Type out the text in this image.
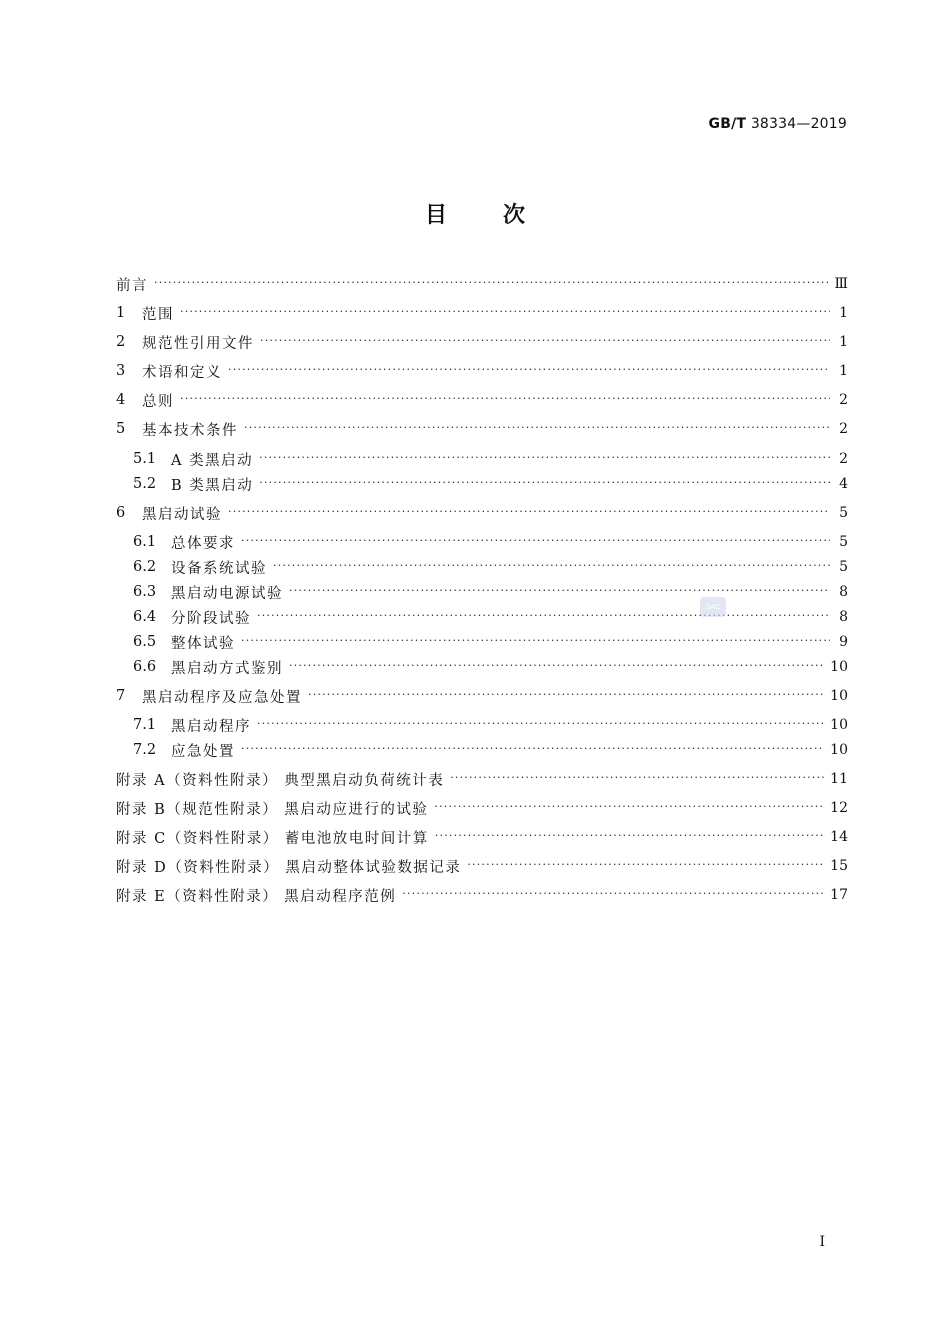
GB/T 38334—2019
目	次
前言 ·····	Ⅲ
1	范围 ·····	1
2	规范性引用文件 ·····	1
3	术语和定义 ·····	1
4	总则 ·····	2
5	基本技术条件 ·····	2
5.1	A 类黑启动 ·····	2
5.2	B 类黑启动 ·····	4
6	黑启动试验 ·····	5
6.1	总体要求 ·····	5
6.2	设备系统试验 ·····	5
6.3	黑启动电源试验 ·····	8
6.4	分阶段试验 ·····	8
6.5	整体试验 ·····	9
6.6	黑启动方式鉴别 ·····	10
7	黑启动程序及应急处置 ·····	10
7.1	黑启动程序 ·····	10
7.2	应急处置 ·····	10
附录 A（资料性附录） 典型黑启动负荷统计表 ·····	11
附录 B（规范性附录） 黑启动应进行的试验 ·····	12
附录 C（资料性附录） 蓄电池放电时间计算 ·····	14
附录 D（资料性附录） 黑启动整体试验数据记录 ·····	15
附录 E（资料性附录） 黑启动程序范例 ·····	17
SAC
I
